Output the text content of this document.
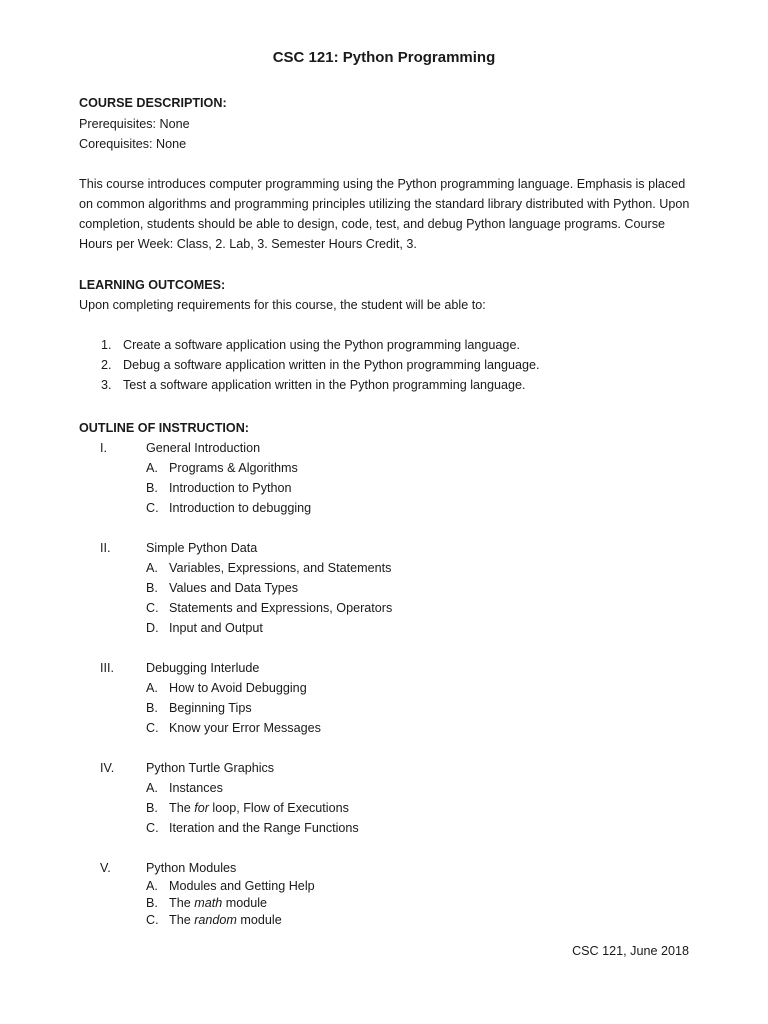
CSC 121: Python Programming
COURSE DESCRIPTION:
Prerequisites: None
Corequisites: None
This course introduces computer programming using the Python programming language. Emphasis is placed on common algorithms and programming principles utilizing the standard library distributed with Python. Upon completion, students should be able to design, code, test, and debug Python language programs. Course Hours per Week: Class, 2. Lab, 3. Semester Hours Credit, 3.
LEARNING OUTCOMES:
Upon completing requirements for this course, the student will be able to:
1. Create a software application using the Python programming language.
2. Debug a software application written in the Python programming language.
3. Test a software application written in the Python programming language.
OUTLINE OF INSTRUCTION:
I.	General Introduction
A. Programs & Algorithms
B. Introduction to Python
C. Introduction to debugging
II.	Simple Python Data
A. Variables, Expressions, and Statements
B. Values and Data Types
C. Statements and Expressions, Operators
D. Input and Output
III.	Debugging Interlude
A. How to Avoid Debugging
B. Beginning Tips
C. Know your Error Messages
IV.	Python Turtle Graphics
A. Instances
B. The for loop, Flow of Executions
C. Iteration and the Range Functions
V.	Python Modules
A. Modules and Getting Help
B. The math module
C. The random module
CSC 121, June 2018
